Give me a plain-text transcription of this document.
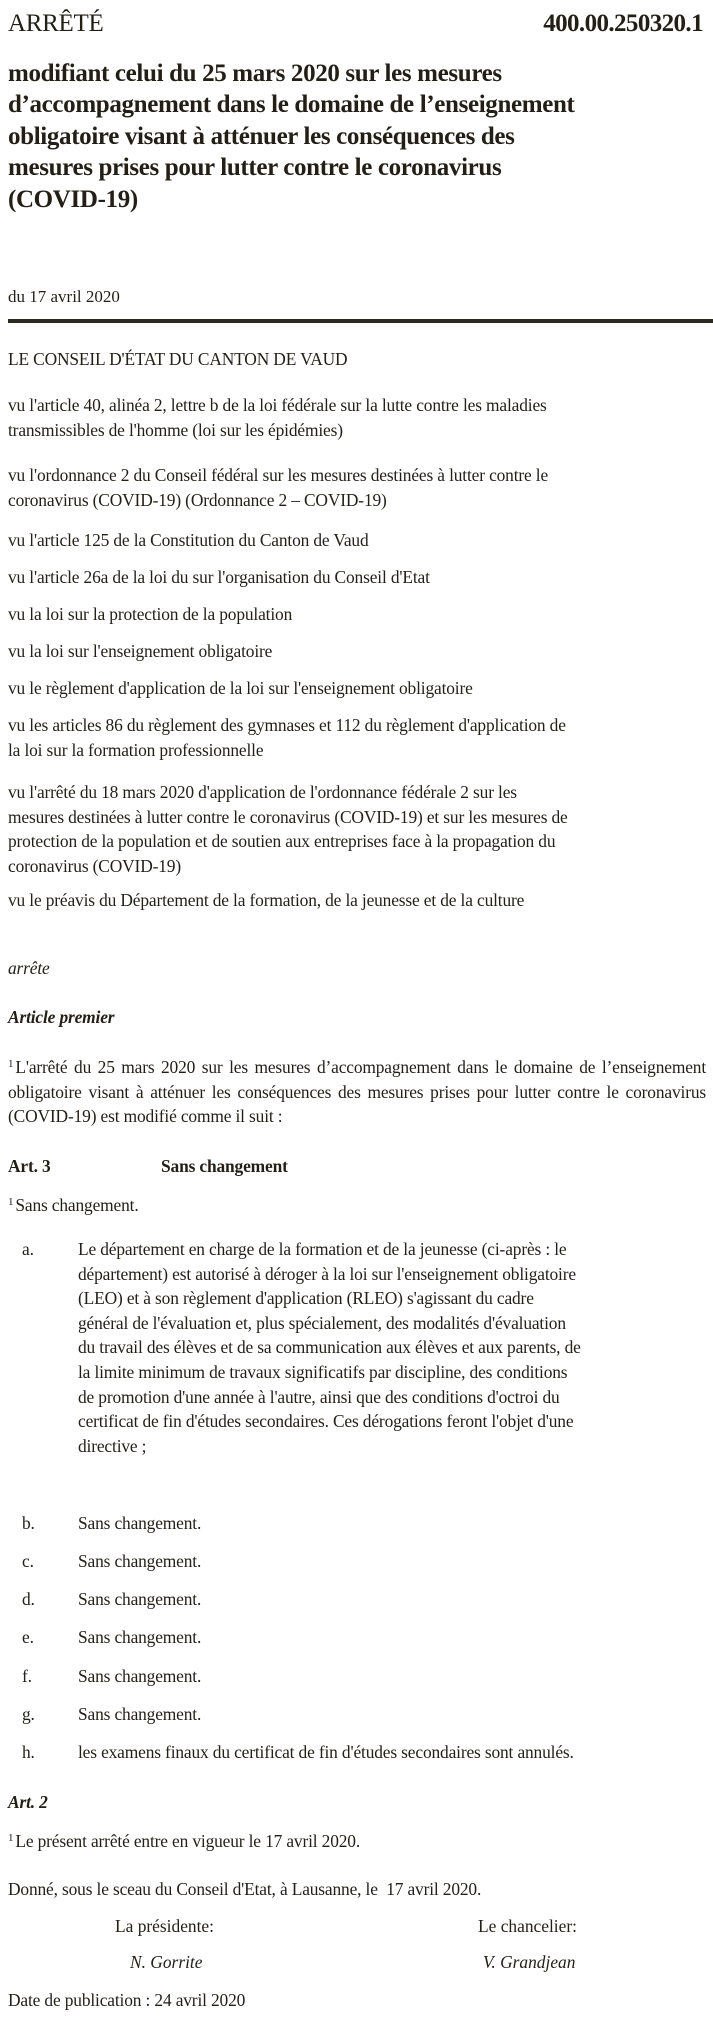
ARRÊTÉ	400.00.250320.1
modifiant celui du 25 mars 2020 sur les mesures
d’accompagnement dans le domaine de l’enseignement
obligatoire visant à atténuer les conséquences des
mesures prises pour lutter contre le coronavirus
(COVID-19)
du 17 avril 2020
LE CONSEIL D'ÉTAT DU CANTON DE VAUD
vu l'article 40, alinéa 2, lettre b de la loi fédérale sur la lutte contre les maladies
transmissibles de l'homme (loi sur les épidémies)
vu l'ordonnance 2 du Conseil fédéral sur les mesures destinées à lutter contre le
coronavirus (COVID-19) (Ordonnance 2 – COVID-19)
vu l'article 125 de la Constitution du Canton de Vaud
vu l'article 26a de la loi du sur l'organisation du Conseil d'Etat
vu la loi sur la protection de la population
vu la loi sur l'enseignement obligatoire
vu le règlement d'application de la loi sur l'enseignement obligatoire
vu les articles 86 du règlement des gymnases et 112 du règlement d'application de
la loi sur la formation professionnelle
vu l'arrêté du 18 mars 2020 d'application de l'ordonnance fédérale 2 sur les
mesures destinées à lutter contre le coronavirus (COVID-19) et sur les mesures de
protection de la population et de soutien aux entreprises face à la propagation du
coronavirus (COVID-19)
vu le préavis du Département de la formation, de la jeunesse et de la culture
arrête
Article premier
$^1$ L'arrêté du 25 mars 2020 sur les mesures d’accompagnement dans le domaine de l’enseignement obligatoire visant à atténuer les conséquences des mesures prises pour lutter contre le coronavirus (COVID-19) est modifié comme il suit :
Art. 3	Sans changement
$^1$ Sans changement.
a.	Le département en charge de la formation et de la jeunesse (ci-après : le
département) est autorisé à déroger à la loi sur l'enseignement obligatoire
(LEO) et à son règlement d'application (RLEO) s'agissant du cadre
général de l'évaluation et, plus spécialement, des modalités d'évaluation
du travail des élèves et de sa communication aux élèves et aux parents, de
la limite minimum de travaux significatifs par discipline, des conditions
de promotion d'une année à l'autre, ainsi que des conditions d'octroi du
certificat de fin d'études secondaires. Ces dérogations feront l'objet d'une
directive ;
b. Sans changement.
c.	Sans changement.
d. Sans changement.
e.	Sans changement.
f.	Sans changement.
g. Sans changement.
h. les examens finaux du certificat de fin d'études secondaires sont annulés.
Art. 2
$^1$ Le présent arrêté entre en vigueur le 17 avril 2020.
Donné, sous le sceau du Conseil d'Etat, à Lausanne, le  17 avril 2020.
La présidente:	Le chancelier:
N. Gorrite	V. Grandjean
Date de publication : 24 avril 2020
